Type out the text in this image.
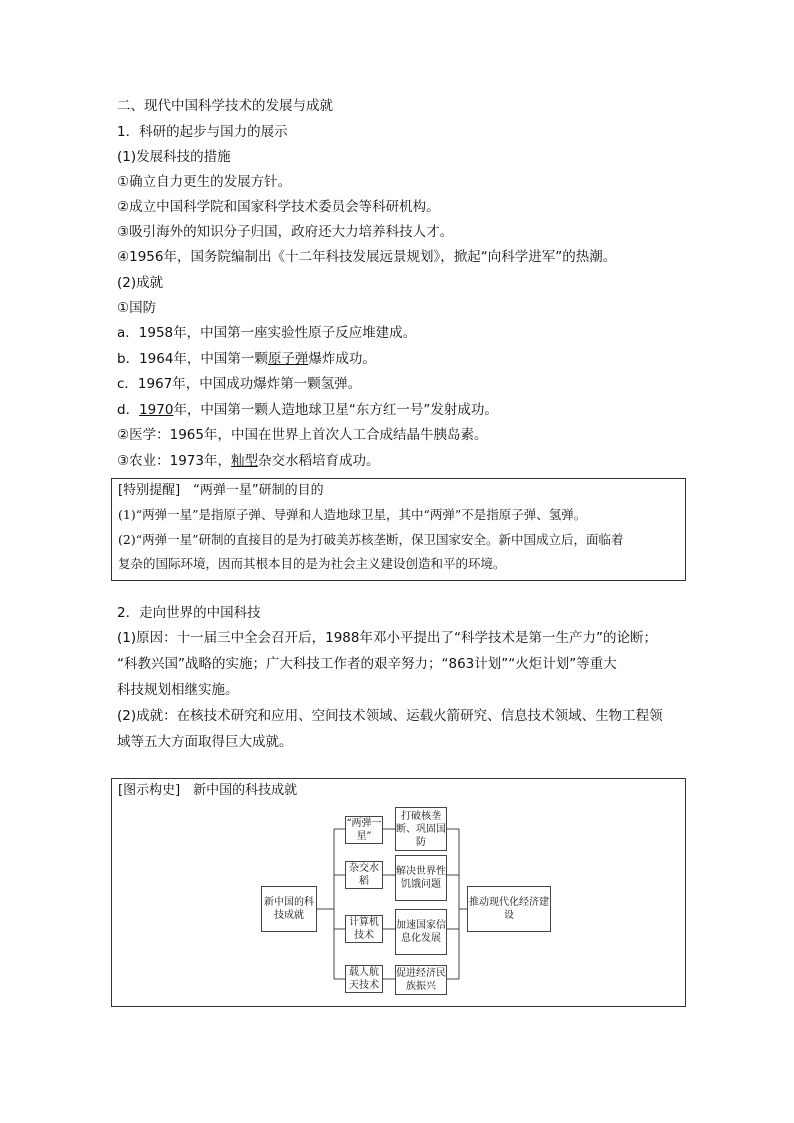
二、现代中国科学技术的发展与成就
1．科研的起步与国力的展示
(1)发展科技的措施
①确立自力更生的发展方针。
②成立中国科学院和国家科学技术委员会等科研机构。
③吸引海外的知识分子归国，政府还大力培养科技人才。
④1956年，国务院编制出《十二年科技发展远景规划》，掀起“向科学进军”的热潮。
(2)成就
①国防
a．1958年，中国第一座实验性原子反应堆建成。
b．1964年，中国第一颗原子弹爆炸成功。
c．1967年，中国成功爆炸第一颗氢弹。
d．1970年，中国第一颗人造地球卫星“东方红一号”发射成功。
②医学：1965年，中国在世界上首次人工合成结晶牛胰岛素。
③农业：1973年，籼型杂交水稻培育成功。
[特别提醒]　“两弹一星”研制的目的
(1)“两弹一星”是指原子弹、导弹和人造地球卫星，其中“两弹”不是指原子弹、氢弹。
(2)“两弹一星”研制的直接目的是为打破美苏核垄断，保卫国家安全。新中国成立后，面临着
复杂的国际环境，因而其根本目的是为社会主义建设创造和平的环境。
2．走向世界的中国科技
(1)原因：十一届三中全会召开后，1988年邓小平提出了“科学技术是第一生产力”的论断；
“科教兴国”战略的实施；广大科技工作者的艰辛努力；“863计划”“火炬计划”等重大
科技规划相继实施。
(2)成就：在核技术研究和应用、空间技术领域、运载火箭研究、信息技术领域、生物工程领
域等五大方面取得巨大成就。
[图示构史]　新中国的科技成就
新中国的科技成就
“两弹一星”
杂交水稻
计算机技术
载人航天技术
打破核垄断、巩固国防
解决世界性饥饿问题
加速国家信息化发展
促进经济民族振兴
推动现代化经济建设
